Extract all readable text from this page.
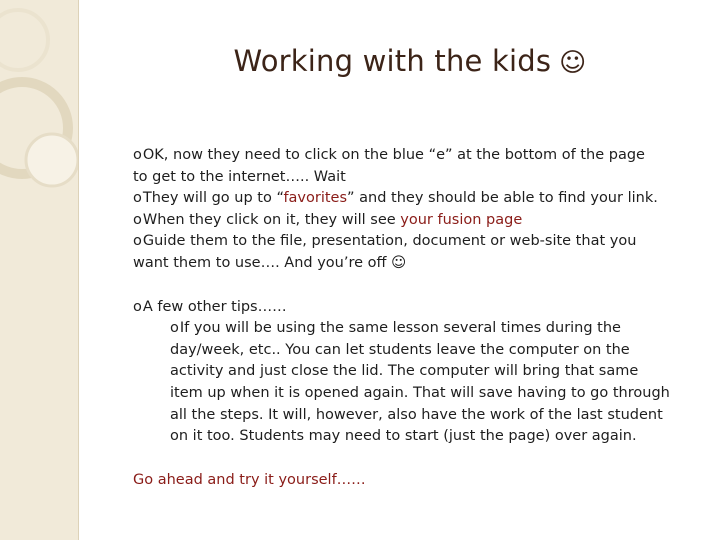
Working with the kids ☺
oOK, now they need to click on the blue “e” at the bottom of the page
to get to the internet….. Wait
oThey will go up to “favorites” and they should be able to find your link.
oWhen they click on it, they will see your fusion page
oGuide them to the file, presentation, document or web-site that you
want them to use…. And you’re off ☺
oA few other tips……
oIf you will be using the same lesson several times during the
day/week, etc.. You can let students leave the computer on the
activity and just close the lid. The computer will bring that same
item up when it is opened again. That will save having to go through
all the steps. It will, however, also have the work of the last student
on it too. Students may need to start (just the page) over again.
Go ahead and try it yourself……
